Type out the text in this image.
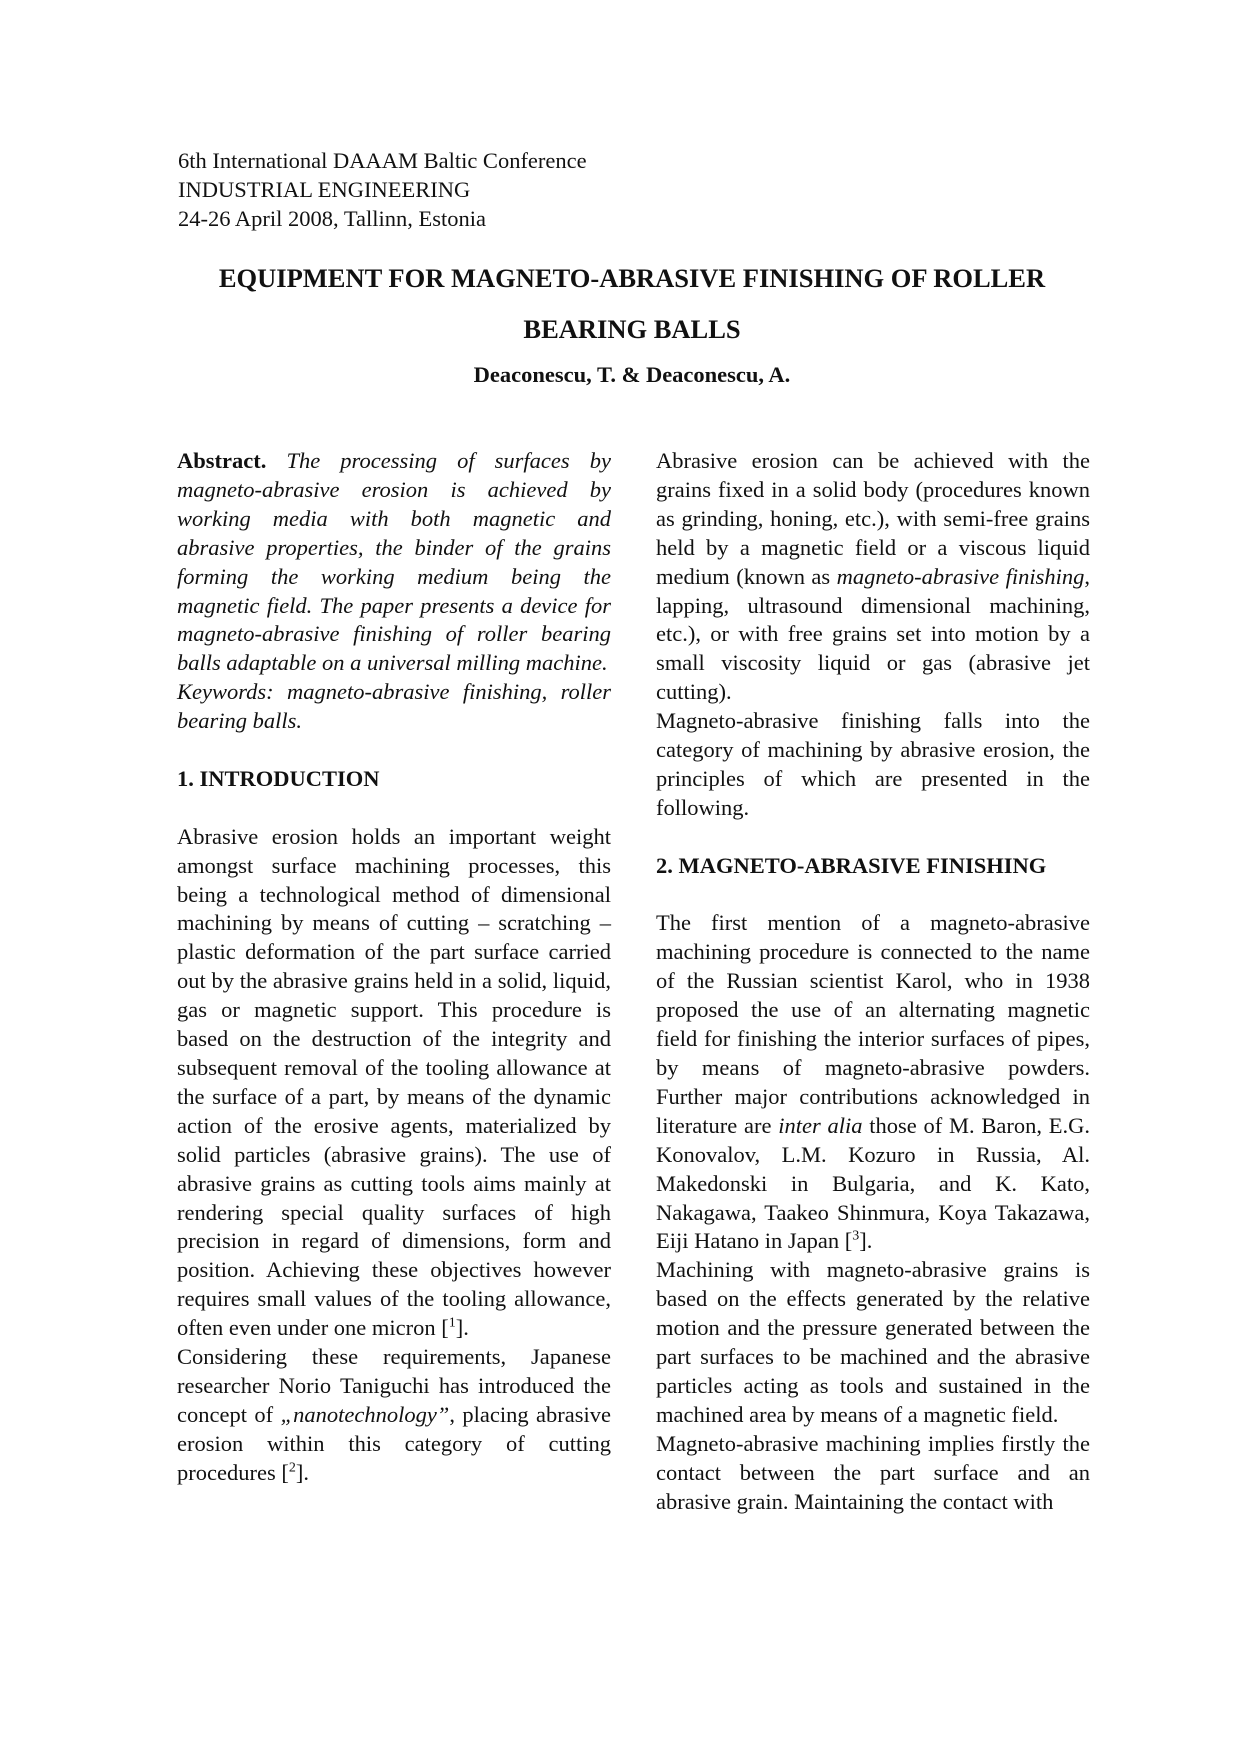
6th International DAAAM Baltic Conference
INDUSTRIAL ENGINEERING
24-26 April 2008, Tallinn, Estonia
EQUIPMENT FOR MAGNETO-ABRASIVE FINISHING OF ROLLER
BEARING BALLS
Deaconescu, T. & Deaconescu, A.

Abstract. The processing of surfaces by magneto-abrasive erosion is achieved by working media with both magnetic and abrasive properties, the binder of the grains forming the working medium being the magnetic field. The paper presents a device for magneto-abrasive finishing of roller bearing balls adaptable on a universal milling machine.

Keywords: magneto-abrasive finishing, roller bearing balls.

1. INTRODUCTION

Abrasive erosion holds an important weight amongst surface machining processes, this being a technological method of dimensional machining by means of cutting – scratching – plastic deformation of the part surface carried out by the abrasive grains held in a solid, liquid, gas or magnetic support. This procedure is based on the destruction of the integrity and subsequent removal of the tooling allowance at the surface of a part, by means of the dynamic action of the erosive agents, materialized by solid particles (abrasive grains). The use of abrasive grains as cutting tools aims mainly at rendering special quality surfaces of high precision in regard of dimensions, form and position. Achieving these objectives however requires small values of the tooling allowance, often even under one micron [$^1$].

Considering these requirements, Japanese researcher Norio Taniguchi has introduced the concept of „nanotechnology”, placing abrasive erosion within this category of cutting procedures [$^2$].

Abrasive erosion can be achieved with the grains fixed in a solid body (procedures known as grinding, honing, etc.), with semi-free grains held by a magnetic field or a viscous liquid medium (known as magneto-abrasive finishing, lapping, ultrasound dimensional machining, etc.), or with free grains set into motion by a small viscosity liquid or gas (abrasive jet cutting).

Magneto-abrasive finishing falls into the category of machining by abrasive erosion, the principles of which are presented in the following.

2. MAGNETO-ABRASIVE FINISHING

The first mention of a magneto-abrasive machining procedure is connected to the name of the Russian scientist Karol, who in 1938 proposed the use of an alternating magnetic field for finishing the interior surfaces of pipes, by means of magneto-abrasive powders. Further major contributions acknowledged in literature are inter alia those of M. Baron, E.G. Konovalov, L.M. Kozuro in Russia, Al. Makedonski in Bulgaria, and K. Kato, Nakagawa, Taakeo Shinmura, Koya Takazawa, Eiji Hatano in Japan [$^3$].

Machining with magneto-abrasive grains is based on the effects generated by the relative motion and the pressure generated between the part surfaces to be machined and the abrasive particles acting as tools and sustained in the machined area by means of a magnetic field.

Magneto-abrasive machining implies firstly the contact between the part surface and an abrasive grain. Maintaining the contact with
